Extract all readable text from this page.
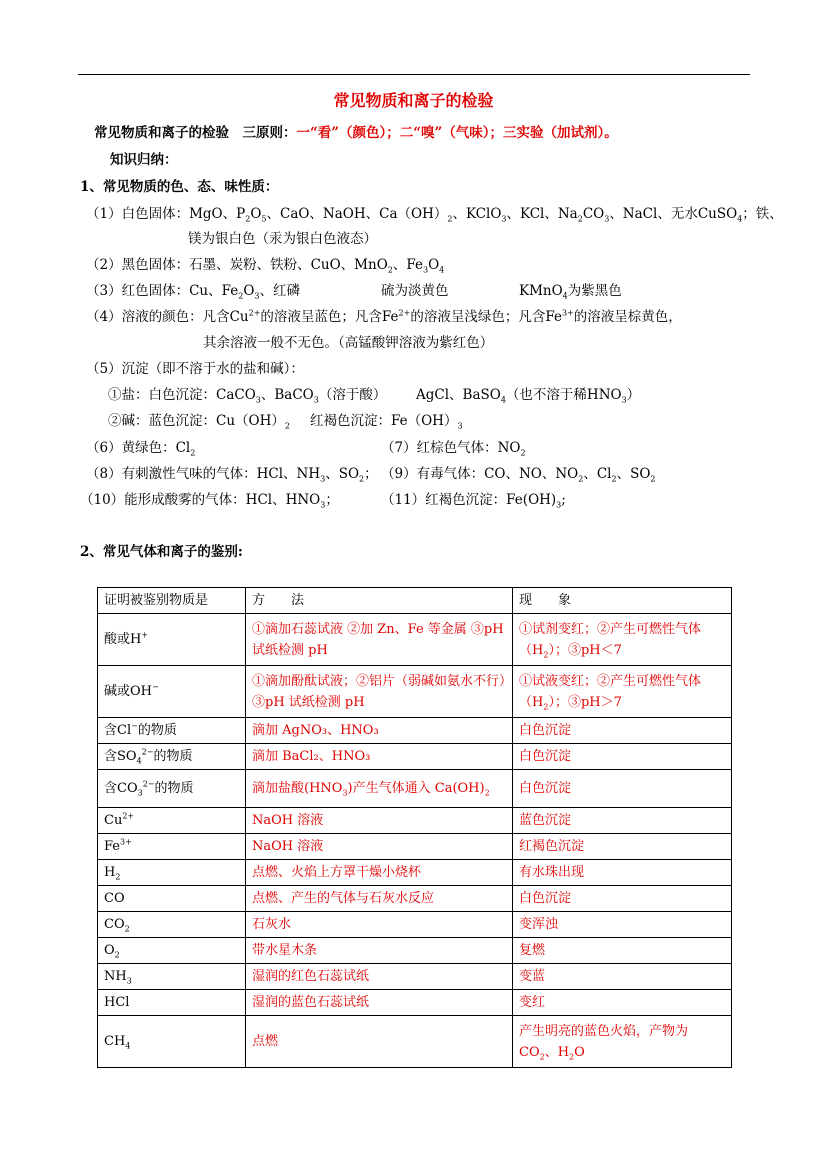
常见物质和离子的检验
常见物质和离子的检验　三原则：一“看”（颜色）；二“嗅”（气味）；三实验（加试剂）。
知识归纳：
1、常见物质的色、态、味性质：
（1）白色固体：MgO、$P_2O_5$、CaO、NaOH、$Ca(OH)_2$、KClO$_3$、KCl、$Na_2CO_3$、NaCl、无水CuSO$_4$；铁、
镁为银白色（汞为银白色液态）
（2）黑色固体：石墨、炭粉、铁粉、CuO、MnO$_2$、$Fe_3O_4$
（3）红色固体：Cu、$Fe_2O_3$、红磷	硫为淡黄色	KMnO$_4$为紫黑色
（4）溶液的颜色：凡含$Cu^{2+}$的溶液呈蓝色；凡含$Fe^{2+}$的溶液呈浅绿色；凡含$Fe^{3+}$的溶液呈棕黄色，
其余溶液一般不无色。（高锰酸钾溶液为紫红色）
（5）沉淀（即不溶于水的盐和碱）：
①盐：白色沉淀：CaCO$_3$、BaCO$_3$（溶于酸） AgCl、BaSO$_4$（也不溶于稀$HNO_3$）
②碱：蓝色沉淀：$Cu(OH)_2$ 红褐色沉淀：$Fe(OH)_3$
（6）黄绿色：$Cl_2$	（7）红棕色气体：$NO_2$
（8）有刺激性气味的气体：HCl、$NH_3$、$SO_2$； （9）有毒气体：CO、NO、$NO_2$、$Cl_2$、$SO_2$
（10）能形成酸雾的气体：HCl、$HNO_3$；	（11）红褐色沉淀：$Fe(OH)_3$;
2、常见气体和离子的鉴别:
证明被鉴别物质是	方　　法	现　　象
酸或H+	①滴加石蕊试液 ②加 Zn、Fe 等金属 ③pH 试纸检测 pH	①试剂变红；②产生可燃性气体$(H_2)$；③pH＜7
碱或OH−	①滴加酚酞试液；②铝片（弱碱如氨水不行）③pH 试纸检测 pH	①试液变红；②产生可燃性气体$(H_2)$；③pH＞7
含Cl−的物质	滴加 AgNO₃、HNO₃	白色沉淀
含$SO_4^{2-}$的物质	滴加 BaCl₂、HNO₃	白色沉淀
含$CO_3^{2-}$的物质	滴加盐酸$(HNO_3)$产生气体通入 $Ca(OH)_2$	白色沉淀
$Cu^{2+}$	NaOH 溶液	蓝色沉淀
$Fe^{3+}$	NaOH 溶液	红褐色沉淀
$H_2$	点燃、火焰上方罩干燥小烧杯	有水珠出现
CO	点燃、产生的气体与石灰水反应	白色沉淀
$CO_2$	石灰水	变浑浊
$O_2$	带水星木条	复燃
$NH_3$	湿润的红色石蕊试纸	变蓝
HCl	湿润的蓝色石蕊试纸	变红
$CH_4$	点燃	产生明亮的蓝色火焰，产物为 $CO_2$、$H_2O$
